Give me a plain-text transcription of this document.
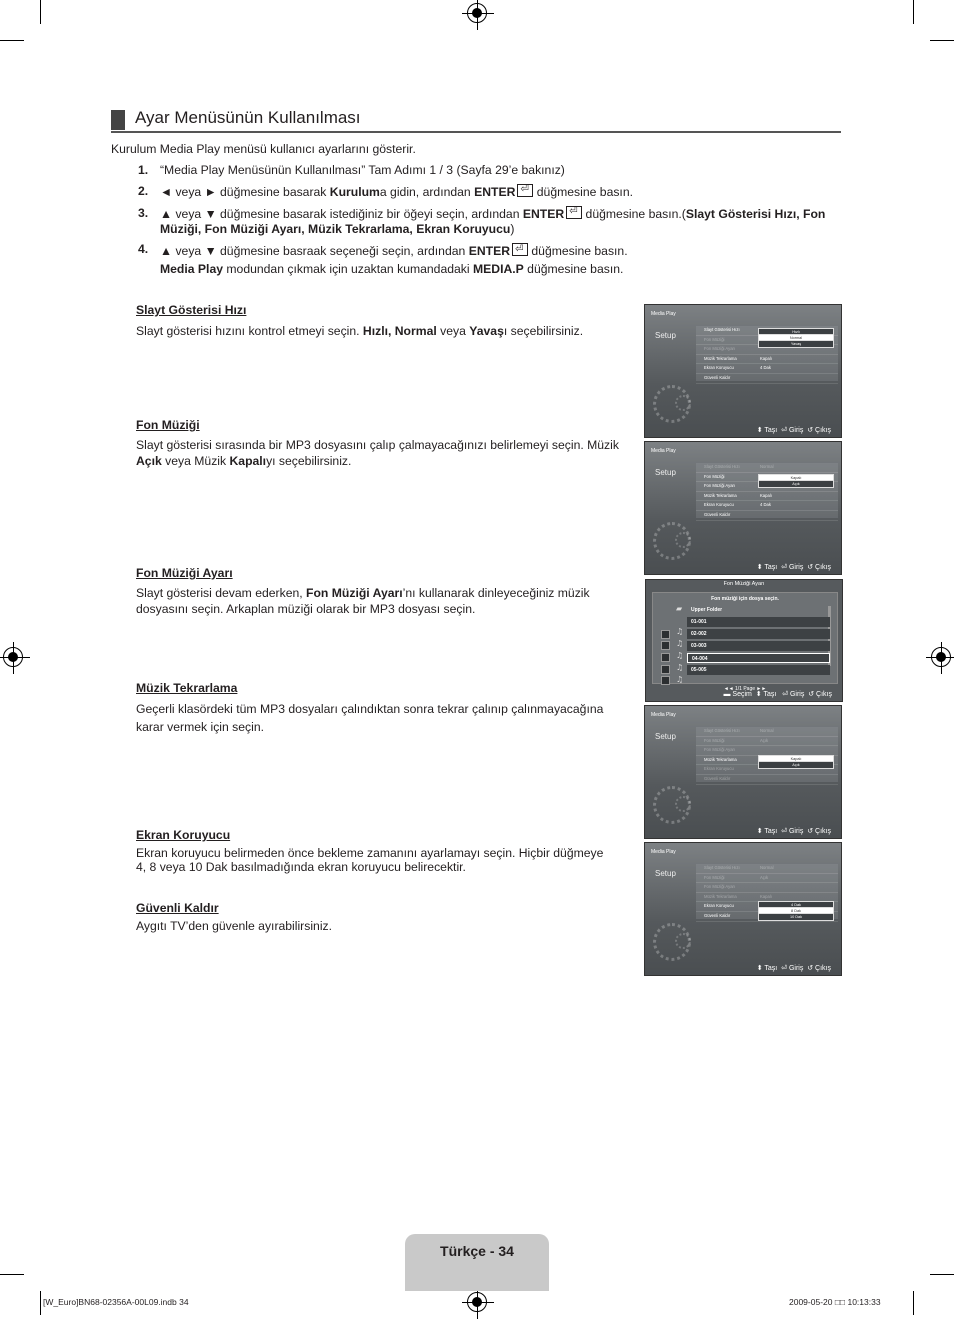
Ayar Menüsünün Kullanılması
Kurulum Media Play menüsü kullanıcı ayarlarını gösterir.
1. “Media Play Menüsünün Kullanılması” Tam Adımı 1 / 3 (Sayfa 29’e bakınız)
2. ◄ veya ► düğmesine basarak Kuruluma gidin, ardından ENTER⏎ düğmesine basın.
3. ▲ veya ▼ düğmesine basarak istediğiniz bir öğeyi seçin, ardından ENTER⏎ düğmesine basın.(Slayt Gösterisi Hızı, Fon
Müziği, Fon Müziği Ayarı, Müzik Tekrarlama, Ekran Koruyucu)
4. ▲ veya ▼ düğmesine basraak seçeneği seçin, ardından ENTER⏎ düğmesine basın.
Media Play modundan çıkmak için uzaktan kumandadaki MEDIA.P düğmesine basın.
Slayt Gösterisi Hızı
Slayt gösterisi hızını kontrol etmeyi seçin. Hızlı, Normal veya Yavaşı seçebilirsiniz.
Fon Müziği
Slayt gösterisi sırasında bir MP3 dosyasını çalıp çalmayacağınızı belirlemeyi seçin. Müzik Açık veya Müzik Kapalıyı seçebilirsiniz.
Fon Müziği Ayarı
Slayt gösterisi devam ederken, Fon Müziği Ayarı’nı kullanarak dinleyeceğiniz müzik dosyasını seçin. Arkaplan müziği olarak bir MP3 dosyası seçin.
Müzik Tekrarlama
Geçerli klasördeki tüm MP3 dosyaları çalındıktan sonra tekrar çalınıp çalınmayacağına karar vermek için seçin.
Ekran Koruyucu
Ekran koruyucu belirmeden önce bekleme zamanını ayarlamayı seçin. Hiçbir düğmeye 4, 8 veya 10 Dak basılmadığında ekran koruyucu belirecektir.
Güvenli Kaldır
Aygıtı TV’den güvenle ayırabilirsiniz.
Media Play
Setup
Slayt Gösterisi Hızı
Fon Müziği
Fon Müziği Ayarı
Müzik Tekrarlama	Kapalı
Ekran Koruyucu	4 Dak
Güvenli Kaldır
Hızlı
Normal
Yavaş
⬍ Taşı  ⏎ Giriş  ↺ Çıkış
Media Play
Setup
Slayt Gösterisi Hızı	Normal
Fon Müziği
Fon Müziği Ayarı
Müzik Tekrarlama	Kapalı
Ekran Koruyucu	4 Dak
Güvenli Kaldır
Kapalı
Açık
⬍ Taşı  ⏎ Giriş  ↺ Çıkış
Fon Müziği Ayarı
Fon müziği için dosya seçin.
Upper Folder
▰
♫
01-001
♫
02-002
♫
03-003
♫
04-004
♫
05-005
◄◄ 1/1 Page ►►
▬ Seçim  ⬍ Taşı   ⏎ Giriş  ↺ Çıkış
Media Play
Setup
Slayt Gösterisi Hızı	Normal
Fon Müziği	Açık
Fon Müziği Ayarı
Müzik Tekrarlama
Ekran Koruyucu
Güvenli Kaldır
Kapalı
Açık
⬍ Taşı  ⏎ Giriş  ↺ Çıkış
Media Play
Setup
Slayt Gösterisi Hızı	Normal
Fon Müziği	Açık
Fon Müziği Ayarı
Müzik Tekrarlama	Kapalı
Ekran Koruyucu
Güvenli Kaldır
4 Dak
8 Dak
10 Dak
⬍ Taşı  ⏎ Giriş  ↺ Çıkış
Türkçe - 34
[W_Euro]BN68-02356A-00L09.indb 34	2009-05-20 □□ 10:13:33
